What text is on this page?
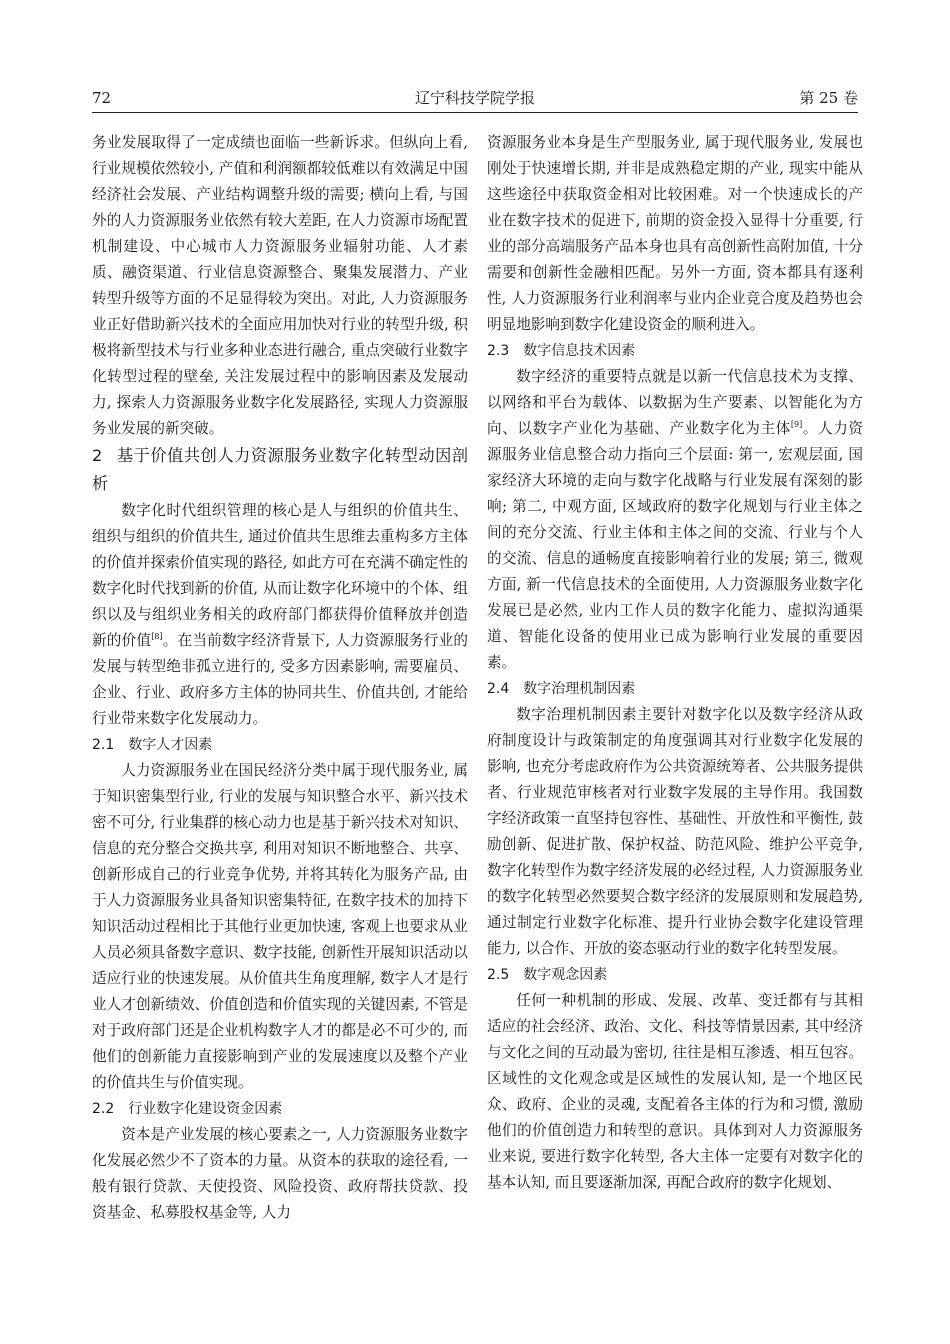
72	辽宁科技学院学报	第 25 卷

务业发展取得了一定成绩也面临一些新诉求。但纵向上看, 行业规模依然较小, 产值和利润额都较低难以有效满足中国经济社会发展、产业结构调整升级的需要; 横向上看, 与国外的人力资源服务业依然有较大差距, 在人力资源市场配置机制建设、中心城市人力资源服务业辐射功能、人才素质、融资渠道、行业信息资源整合、聚集发展潜力、产业转型升级等方面的不足显得较为突出。对此, 人力资源服务业正好借助新兴技术的全面应用加快对行业的转型升级, 积极将新型技术与行业多种业态进行融合, 重点突破行业数字化转型过程的壁垒, 关注发展过程中的影响因素及发展动力, 探索人力资源服务业数字化发展路径, 实现人力资源服务业发展的新突破。

2 基于价值共创人力资源服务业数字化转型动因剖析

数字化时代组织管理的核心是人与组织的价值共生、组织与组织的价值共生, 通过价值共生思维去重构多方主体的价值并探索价值实现的路径, 如此方可在充满不确定性的数字化时代找到新的价值, 从而让数字化环境中的个体、组织以及与组织业务相关的政府部门都获得价值释放并创造新的价值[8]。在当前数字经济背景下, 人力资源服务行业的发展与转型绝非孤立进行的, 受多方因素影响, 需要雇员、企业、行业、政府多方主体的协同共生、价值共创, 才能给行业带来数字化发展动力。

2.1 数字人才因素

人力资源服务业在国民经济分类中属于现代服务业, 属于知识密集型行业, 行业的发展与知识整合水平、新兴技术密不可分, 行业集群的核心动力也是基于新兴技术对知识、信息的充分整合交换共享, 利用对知识不断地整合、共享、创新形成自己的行业竞争优势, 并将其转化为服务产品, 由于人力资源服务业具备知识密集特征, 在数字技术的加持下知识活动过程相比于其他行业更加快速, 客观上也要求从业人员必须具备数字意识、数字技能, 创新性开展知识活动以适应行业的快速发展。从价值共生角度理解, 数字人才是行业人才创新绩效、价值创造和价值实现的关键因素, 不管是对于政府部门还是企业机构数字人才的都是必不可少的, 而他们的创新能力直接影响到产业的发展速度以及整个产业的价值共生与价值实现。

2.2 行业数字化建设资金因素

资本是产业发展的核心要素之一, 人力资源服务业数字化发展必然少不了资本的力量。从资本的获取的途径看, 一般有银行贷款、天使投资、风险投资、政府帮扶贷款、投资基金、私募股权基金等, 人力

资源服务业本身是生产型服务业, 属于现代服务业, 发展也刚处于快速增长期, 并非是成熟稳定期的产业, 现实中能从这些途径中获取资金相对比较困难。对一个快速成长的产业在数字技术的促进下, 前期的资金投入显得十分重要, 行业的部分高端服务产品本身也具有高创新性高附加值, 十分需要和创新性金融相匹配。另外一方面, 资本都具有逐利性, 人力资源服务行业利润率与业内企业竞合度及趋势也会明显地影响到数字化建设资金的顺利进入。

2.3 数字信息技术因素

数字经济的重要特点就是以新一代信息技术为支撑、以网络和平台为载体、以数据为生产要素、以智能化为方向、以数字产业化为基础、产业数字化为主体[9]。人力资源服务业信息整合动力指向三个层面: 第一, 宏观层面, 国家经济大环境的走向与数字化战略与行业发展有深刻的影响; 第二, 中观方面, 区域政府的数字化规划与行业主体之间的充分交流、行业主体和主体之间的交流、行业与个人的交流、信息的通畅度直接影响着行业的发展; 第三, 微观方面, 新一代信息技术的全面使用, 人力资源服务业数字化发展已是必然, 业内工作人员的数字化能力、虚拟沟通渠道、智能化设备的使用业已成为影响行业发展的重要因素。

2.4 数字治理机制因素

数字治理机制因素主要针对数字化以及数字经济从政府制度设计与政策制定的角度强调其对行业数字化发展的影响, 也充分考虑政府作为公共资源统筹者、公共服务提供者、行业规范审核者对行业数字发展的主导作用。我国数字经济政策一直坚持包容性、基础性、开放性和平衡性, 鼓励创新、促进扩散、保护权益、防范风险、维护公平竞争, 数字化转型作为数字经济发展的必经过程, 人力资源服务业的数字化转型必然要契合数字经济的发展原则和发展趋势, 通过制定行业数字化标准、提升行业协会数字化建设管理能力, 以合作、开放的姿态驱动行业的数字化转型发展。

2.5 数字观念因素

任何一种机制的形成、发展、改革、变迁都有与其相适应的社会经济、政治、文化、科技等情景因素, 其中经济与文化之间的互动最为密切, 往往是相互渗透、相互包容。区域性的文化观念或是区域性的发展认知, 是一个地区民众、政府、企业的灵魂, 支配着各主体的行为和习惯, 激励他们的价值创造力和转型的意识。具体到对人力资源服务业来说, 要进行数字化转型, 各大主体一定要有对数字化的基本认知, 而且要逐渐加深, 再配合政府的数字化规划、
